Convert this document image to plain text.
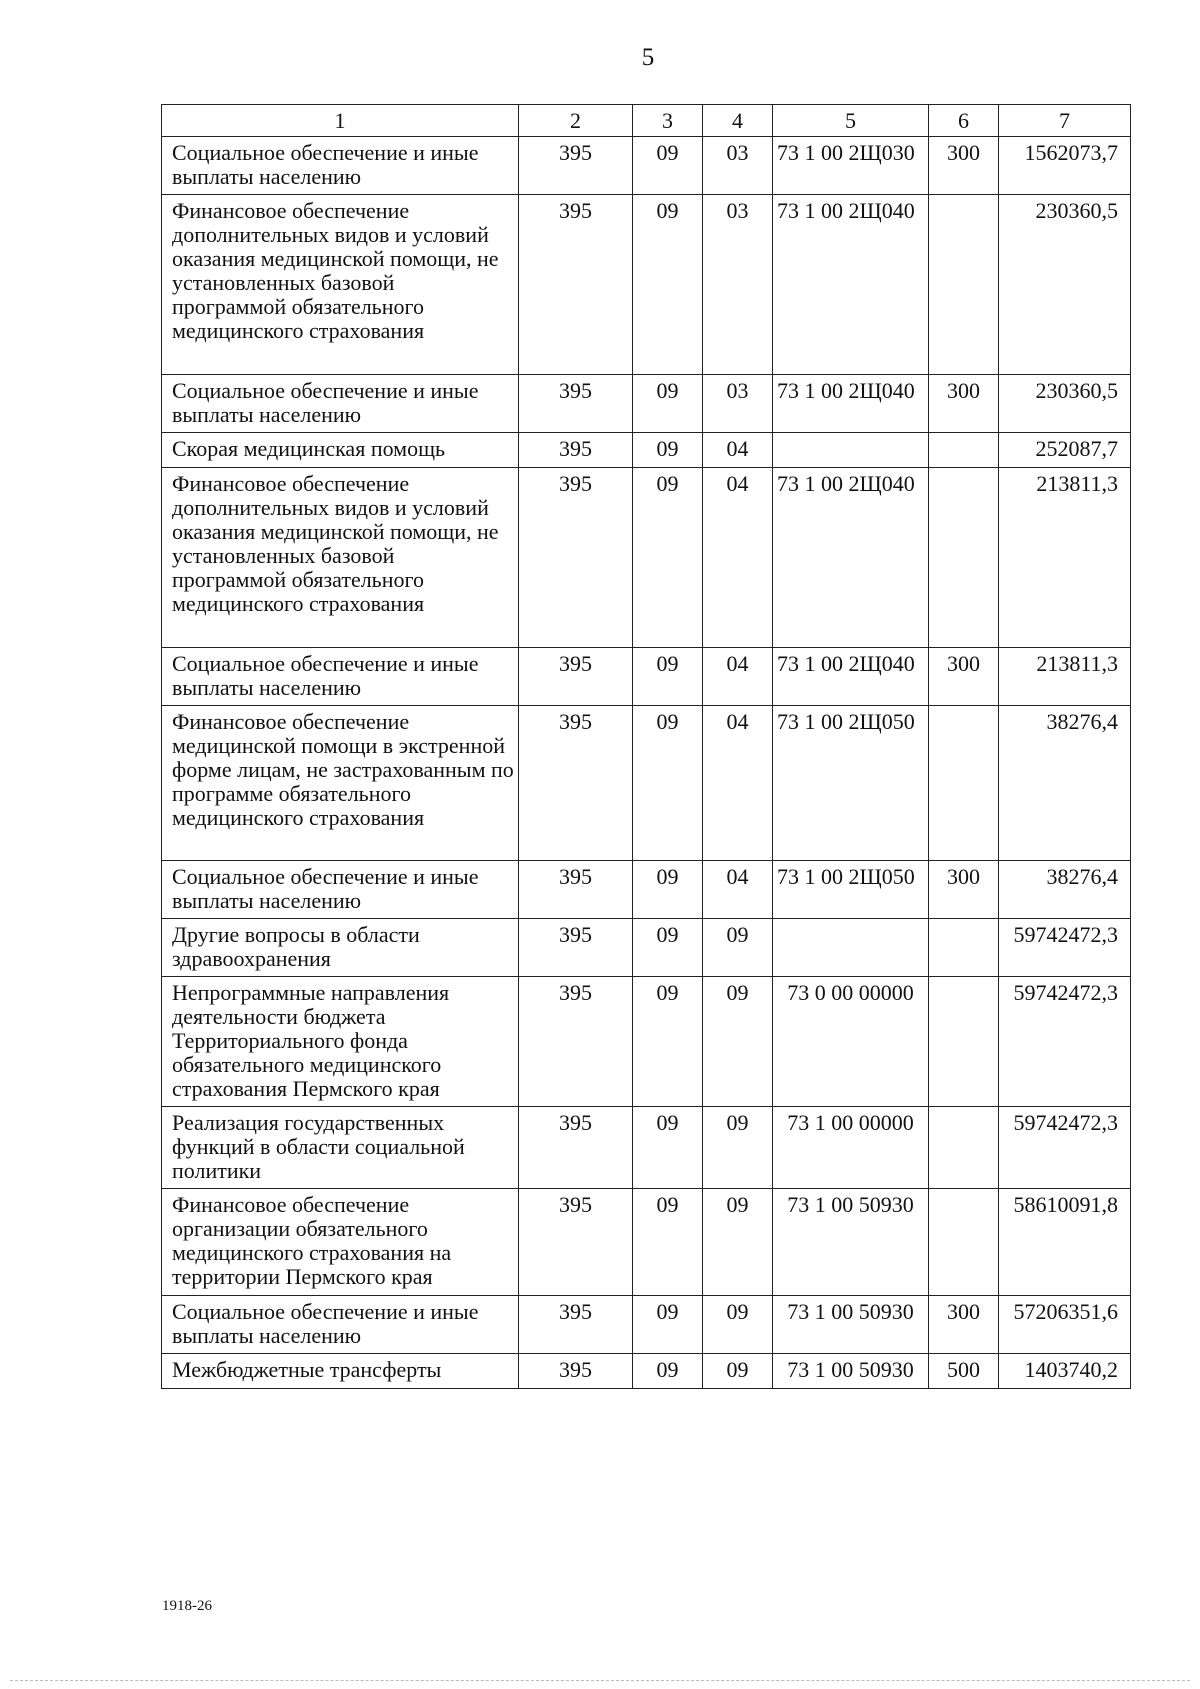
5
1	2	3	4	5	6	7
Социальное обеспечение и иные выплаты населению	395	09	03	73 1 00 2Щ030	300	1562073,7
Финансовое обеспечение дополнительных видов и условий оказания медицинской помощи, не установленных базовой программой обязательного медицинского страхования	395	09	03	73 1 00 2Щ040		230360,5
Социальное обеспечение и иные выплаты населению	395	09	03	73 1 00 2Щ040	300	230360,5
Скорая медицинская помощь	395	09	04			252087,7
Финансовое обеспечение дополнительных видов и условий оказания медицинской помощи, не установленных базовой программой обязательного медицинского страхования	395	09	04	73 1 00 2Щ040		213811,3
Социальное обеспечение и иные выплаты населению	395	09	04	73 1 00 2Щ040	300	213811,3
Финансовое обеспечение медицинской помощи в экстренной форме лицам, не застрахованным по программе обязательного медицинского страхования	395	09	04	73 1 00 2Щ050		38276,4
Социальное обеспечение и иные выплаты населению	395	09	04	73 1 00 2Щ050	300	38276,4
Другие вопросы в области здравоохранения	395	09	09			59742472,3
Непрограммные направления деятельности бюджета Территориального фонда обязательного медицинского страхования Пермского края	395	09	09	73 0 00 00000		59742472,3
Реализация государственных функций в области социальной политики	395	09	09	73 1 00 00000		59742472,3
Финансовое обеспечение организации обязательного медицинского страхования на территории Пермского края	395	09	09	73 1 00 50930		58610091,8
Социальное обеспечение и иные выплаты населению	395	09	09	73 1 00 50930	300	57206351,6
Межбюджетные трансферты	395	09	09	73 1 00 50930	500	1403740,2
1918-26
